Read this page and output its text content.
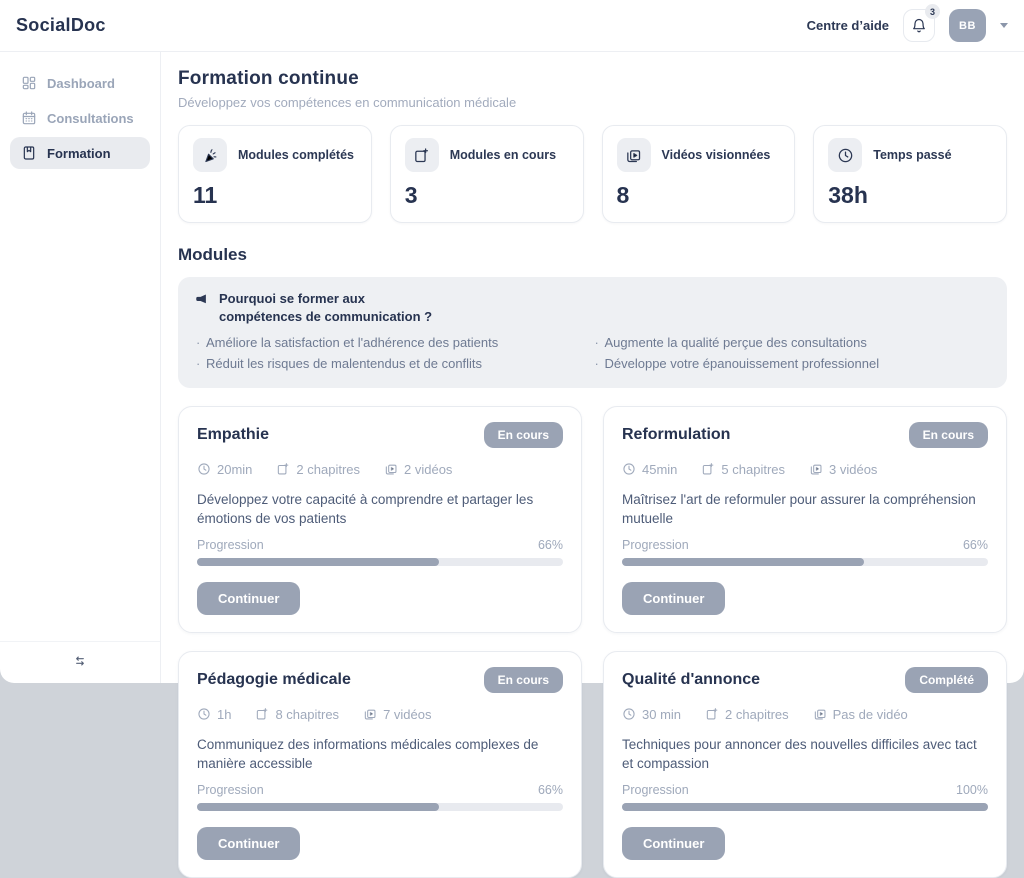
SocialDoc	Centre d’aide
3
BB
Dashboard
Consultations
Formation
Formation continue
Développez vos compétences en communication médicale
Modules complétés
11
Modules en cours
3
Vidéos visionnées
8
Temps passé
38h
Modules
Pourquoi se former aux
compétences de communication ?
· Améliore la satisfaction et l'adhérence des patients
· Réduit les risques de malentendus et de conflits
· Augmente la qualité perçue des consultations
· Développe votre épanouissement professionnel
Empathie	En cours
20min	2 chapitres	2 vidéos
Développez votre capacité à comprendre et partager les émotions de vos patients
Progression	66%
Continuer
Reformulation	En cours
45min	5 chapitres	3 vidéos
Maîtrisez l'art de reformuler pour assurer la compréhension mutuelle
Progression	66%
Continuer
Pédagogie médicale	En cours
1h	8 chapitres	7 vidéos
Communiquez des informations médicales complexes de manière accessible
Progression	66%
Continuer
Qualité d'annonce	Complété
30 min	2 chapitres	Pas de vidéo
Techniques pour annoncer des nouvelles difficiles avec tact et compassion
Progression	100%
Continuer
